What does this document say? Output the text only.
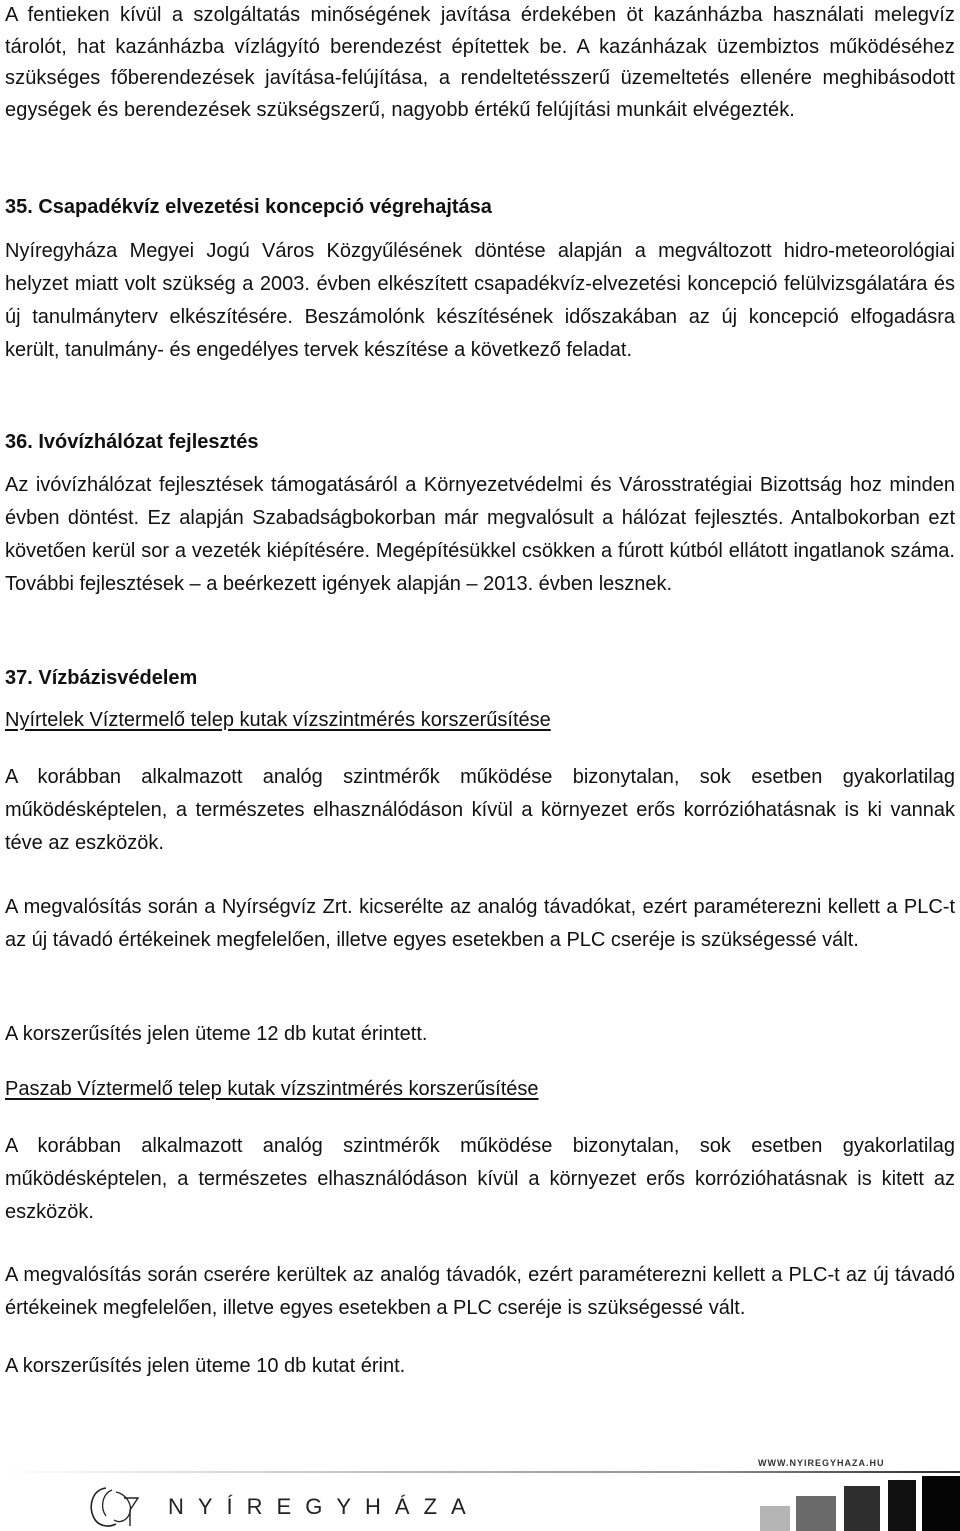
A fentieken kívül a szolgáltatás minőségének javítása érdekében öt kazánházba használati melegvíz tárolót, hat kazánházba vízlágyító berendezést építettek be. A kazánházak üzembiztos működéséhez szükséges főberendezések javítása-felújítása, a rendeltetésszerű üzemeltetés ellenére meghibásodott egységek és berendezések szükségszerű, nagyobb értékű felújítási munkáit elvégezték.

35. Csapadékvíz elvezetési koncepció végrehajtása

Nyíregyháza Megyei Jogú Város Közgyűlésének döntése alapján a megváltozott hidro-meteorológiai helyzet miatt volt szükség a 2003. évben elkészített csapadékvíz-elvezetési koncepció felülvizsgálatára és új tanulmányterv elkészítésére. Beszámolónk készítésének időszakában az új koncepció elfogadásra került, tanulmány- és engedélyes tervek készítése a következő feladat.

36. Ivóvízhálózat fejlesztés

Az ivóvízhálózat fejlesztések támogatásáról a Környezetvédelmi és Városstratégiai Bizottság hoz minden évben döntést. Ez alapján Szabadságbokorban már megvalósult a hálózat fejlesztés. Antalbokorban ezt követően kerül sor a vezeték kiépítésére. Megépítésükkel csökken a fúrott kútból ellátott ingatlanok száma. További fejlesztések – a beérkezett igények alapján – 2013. évben lesznek.

37. Vízbázisvédelem
Nyírtelek Víztermelő telep kutak vízszintmérés korszerűsítése

A korábban alkalmazott analóg szintmérők működése bizonytalan, sok esetben gyakorlatilag működésképtelen, a természetes elhasználódáson kívül a környezet erős korrózióhatásnak is ki vannak téve az eszközök.

A megvalósítás során a Nyírségvíz Zrt. kicserélte az analóg távadókat, ezért paraméterezni kellett a PLC-t az új távadó értékeinek megfelelően, illetve egyes esetekben a PLC cseréje is szükségessé vált.

A korszerűsítés jelen üteme 12 db kutat érintett.

Paszab Víztermelő telep kutak vízszintmérés korszerűsítése

A korábban alkalmazott analóg szintmérők működése bizonytalan, sok esetben gyakorlatilag működésképtelen, a természetes elhasználódáson kívül a környezet erős korrózióhatásnak is kitett az eszközök.

A megvalósítás során cserére kerültek az analóg távadók, ezért paraméterezni kellett a PLC-t az új távadó értékeinek megfelelően, illetve egyes esetekben a PLC cseréje is szükségessé vált.

A korszerűsítés jelen üteme 10 db kutat érint.

WWW.NYIREGYHAZA.HU
NYÍREGYHÁZA
